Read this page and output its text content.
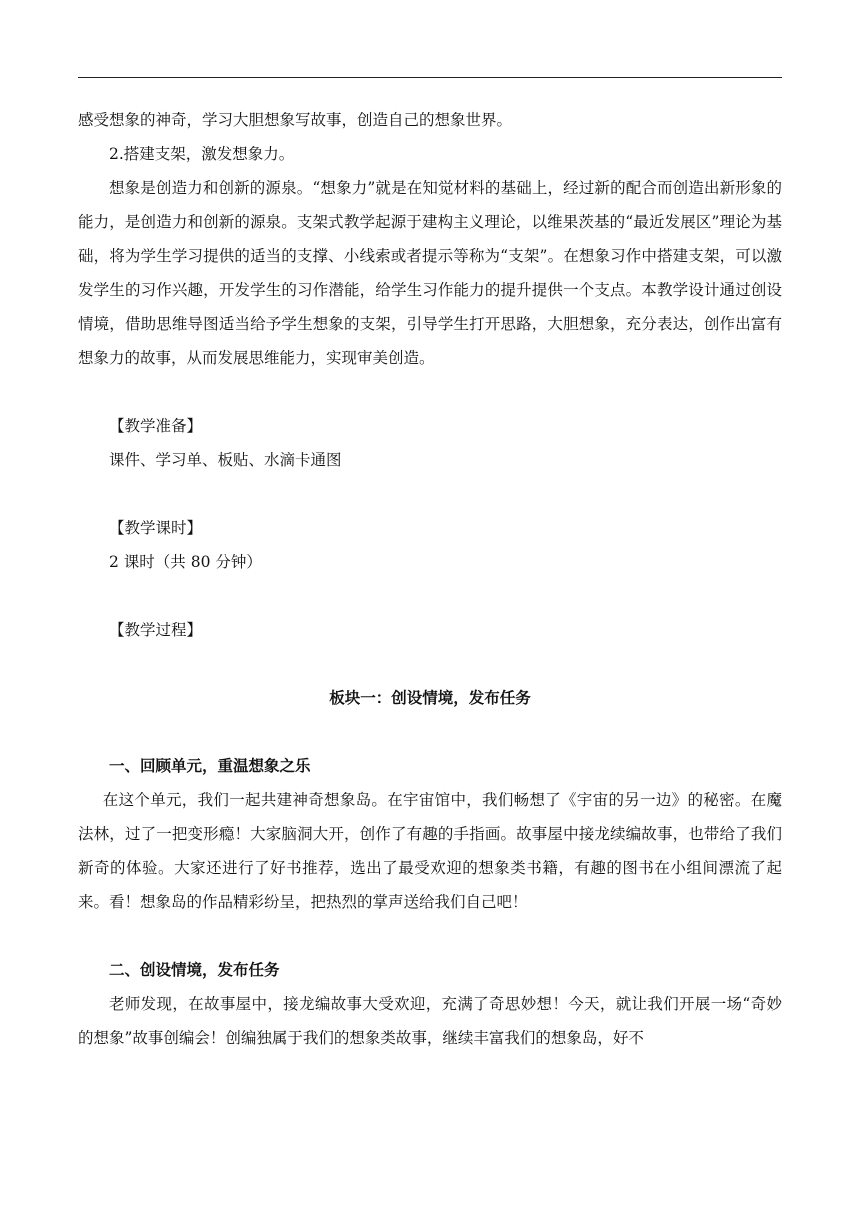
感受想象的神奇，学习大胆想象写故事，创造自己的想象世界。

2.搭建支架，激发想象力。

想象是创造力和创新的源泉。“想象力”就是在知觉材料的基础上，经过新的配合而创造出新形象的能力，是创造力和创新的源泉。支架式教学起源于建构主义理论，以维果茨基的“最近发展区”理论为基础，将为学生学习提供的适当的支撑、小线索或者提示等称为“支架”。在想象习作中搭建支架，可以激发学生的习作兴趣，开发学生的习作潜能，给学生习作能力的提升提供一个支点。本教学设计通过创设情境，借助思维导图适当给予学生想象的支架，引导学生打开思路，大胆想象，充分表达，创作出富有想象力的故事，从而发展思维能力，实现审美创造。

【教学准备】

课件、学习单、板贴、水滴卡通图

【教学课时】

2 课时（共 80 分钟）

【教学过程】

板块一：创设情境，发布任务

一、回顾单元，重温想象之乐

在这个单元，我们一起共建神奇想象岛。在宇宙馆中，我们畅想了《宇宙的另一边》的秘密。在魔法林，过了一把变形瘾！大家脑洞大开，创作了有趣的手指画。故事屋中接龙续编故事，也带给了我们新奇的体验。大家还进行了好书推荐，选出了最受欢迎的想象类书籍，有趣的图书在小组间漂流了起来。看！想象岛的作品精彩纷呈，把热烈的掌声送给我们自己吧！

二、创设情境，发布任务

老师发现，在故事屋中，接龙编故事大受欢迎，充满了奇思妙想！今天，就让我们开展一场“奇妙的想象”故事创编会！创编独属于我们的想象类故事，继续丰富我们的想象岛，好不
